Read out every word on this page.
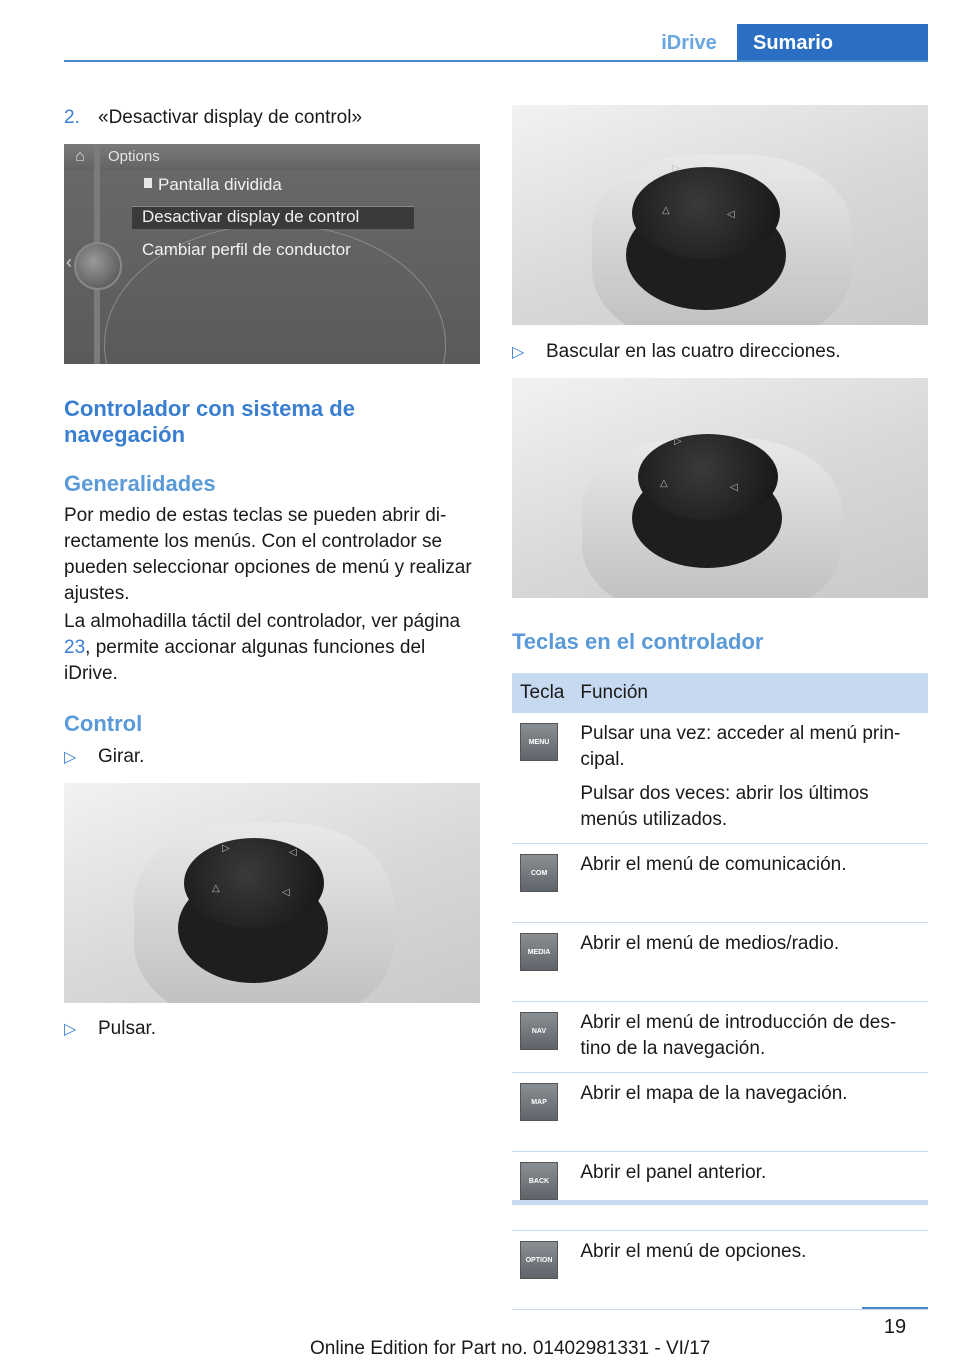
iDrive	Sumario
2. «Desactivar display de control»
⌂	Options
Pantalla dividida
Desactivar display de control
Cambiar perfil de conductor
‹
Controlador con sistema de navegación
Generalidades
Por medio de estas teclas se pueden abrir directamente los menús. Con el controlador se pueden seleccionar opciones de menú y realizar ajustes.
La almohadilla táctil del controlador, ver página 23, permite accionar algunas funciones del iDrive.
Control
▷ Girar.
▷	◁
△	◁
▷ Pulsar.
▷
△	◁
▷ Bascular en las cuatro direcciones.
▷
△	◁
Teclas en el controlador
Tecla	Función

MENU	Pulsar una vez: acceder al menú principal.

Pulsar dos veces: abrir los últimos menús utilizados.

COM	Abrir el menú de comunicación.

MEDIA	Abrir el menú de medios/radio.

NAV	Abrir el menú de introducción de destino de la navegación.

MAP	Abrir el mapa de la navegación.

BACK	Abrir el panel anterior.

OPTION	Abrir el menú de opciones.

19
Online Edition for Part no. 01402981331 - VI/17
